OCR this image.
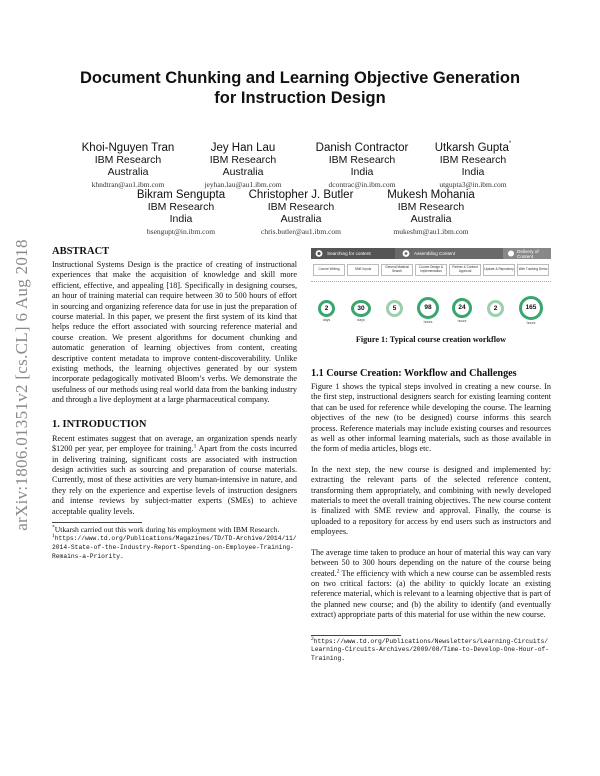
Document Chunking and Learning Objective Generation
for Instruction Design
Khoi-Nguyen Tran
IBM Research
Australia
khndtran@au1.ibm.com
Jey Han Lau
IBM Research
Australia
jeyhan.lau@au1.ibm.com
Danish Contractor
IBM Research
India
dcontrac@in.ibm.com
Utkarsh Gupta*
IBM Research
India
utgupta3@in.ibm.com
Bikram Sengupta
IBM Research
India
bsengupt@in.ibm.com
Christopher J. Butler
IBM Research
Australia
chris.butler@au1.ibm.com
Mukesh Mohania
IBM Research
Australia
mukeshm@au1.ibm.com
arXiv:1806.01351v2 [cs.CL] 6 Aug 2018 ABSTRACT

Instructional Systems Design is the practice of creating of instructional experiences that make the acquisition of knowledge and skill more efficient, effective, and appealing [18]. Specifically in designing courses, an hour of training material can require between 30 to 500 hours of effort in sourcing and organizing reference data for use in just the preparation of course material. In this paper, we present the first system of its kind that helps reduce the effort associated with sourcing reference material and course creation. We present algorithms for document chunking and automatic generation of learning objectives from content, creating descriptive content metadata to improve content-discoverability. Unlike existing methods, the learning objectives generated by our system incorporate pedagogically motivated Bloom’s verbs. We demonstrate the usefulness of our methods using real world data from the banking industry and through a live deployment at a large pharmaceutical company.

1. INTRODUCTION

Recent estimates suggest that on average, an organization spends nearly $1200 per year, per employee for training.$^1$ Apart from the costs incurred in delivering training, significant costs are associated with instruction design activities such as sourcing and preparation of course materials. Currently, most of these activities are very human-intensive in nature, and they rely on the experience and expertise levels of instruction designers and intense reviews by subject-matter experts (SMEs) to achieve acceptable quality levels.

*Utkarsh carried out this work during his employment with IBM Research.
$^1$https://www.td.org/Publications/Magazines/TD/TD-Archive/2014/11/2014-State-of-the-Industry-Report-Spending-on-Employee-Training-Remains-a-Priority.
Searching for content	Assembling Content	Delivery of Content
Course Writing	SME Inputs	General Material Search
Course Design & Implementation
Partner & Content Approval	Update & Repository	Web Tracking Demo
2	30	5	98	24	2	165
days	days	hours	hours	hours
Figure 1: Typical course creation workflow
1.1 Course Creation: Workflow and Challenges

Figure 1 shows the typical steps involved in creating a new course. In the first step, instructional designers search for existing learning content that can be used for reference while developing the course. The learning objectives of the new (to be designed) course informs this search process. Reference materials may include existing courses and resources as well as other informal learning materials, such as those available in the form of media articles, blogs etc.

In the next step, the new course is designed and implemented by: extracting the relevant parts of the selected reference content, transforming them appropriately, and combining with newly developed materials to meet the overall training objectives. The new course content is finalized with SME review and approval. Finally, the course is uploaded to a repository for access by end users such as instructors and employees.

The average time taken to produce an hour of material this way can vary between 50 to 300 hours depending on the nature of the course being created.$^2$ The efficiency with which a new course can be assembled rests on two critical factors: (a) the ability to quickly locate an existing reference material, which is relevant to a learning objective that is part of the planned new course; and (b) the ability to identify (and eventually extract) appropriate parts of this material for use within the new course.

$^2$https://www.td.org/Publications/Newsletters/Learning-Circuits/Learning-Circuits-Archives/2009/08/Time-to-Develop-One-Hour-of-Training.
